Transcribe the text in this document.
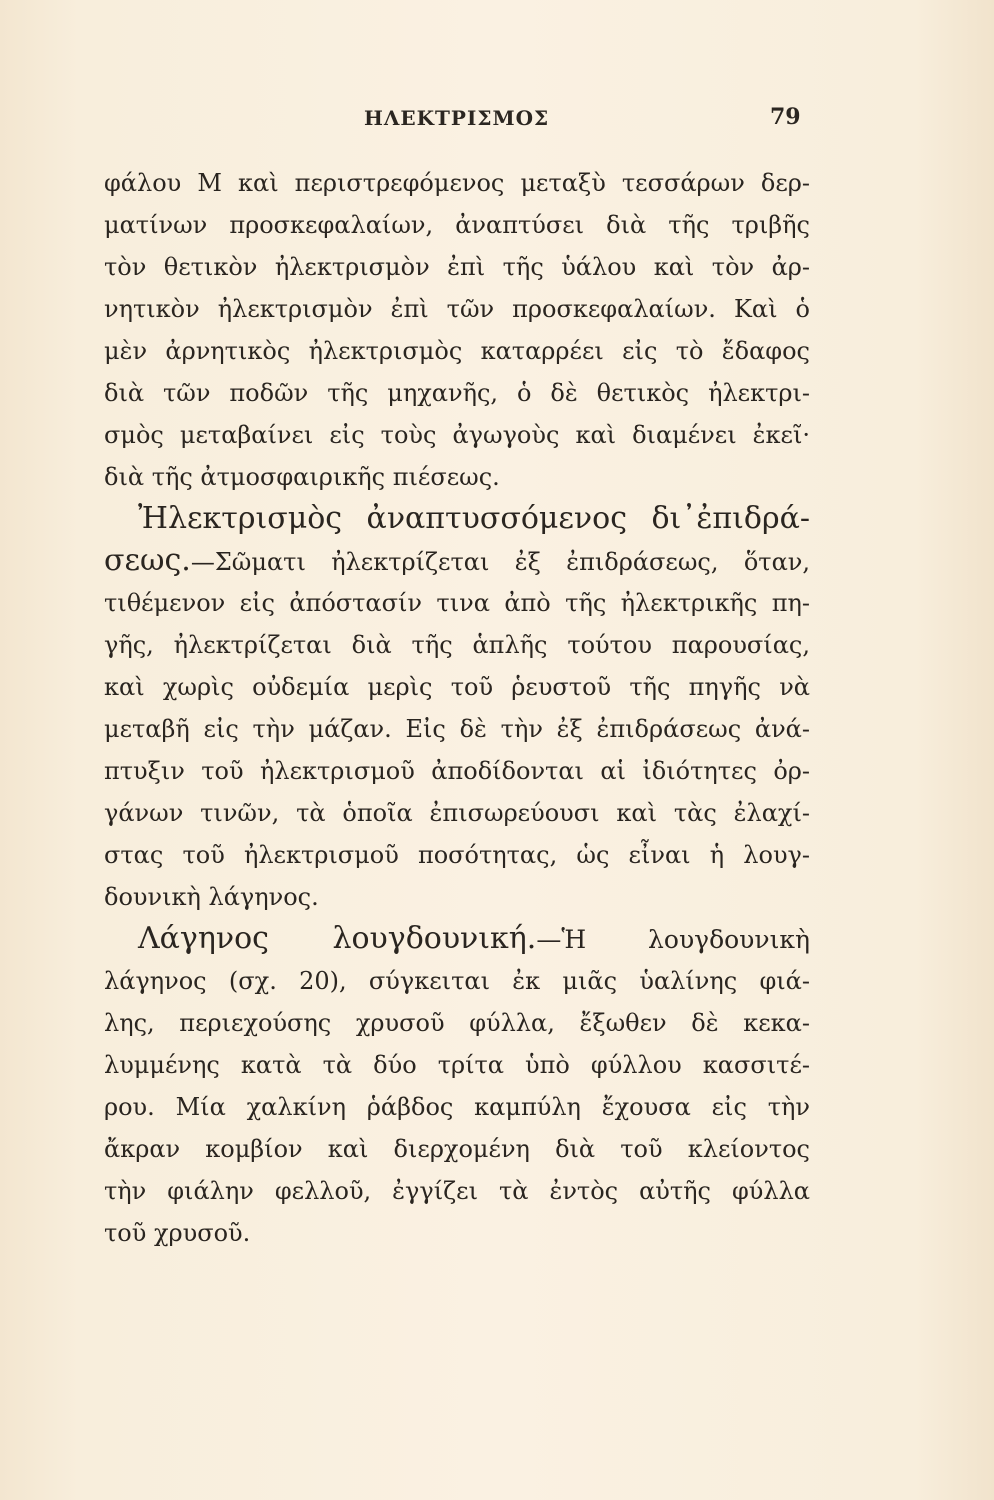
ΗΛΕΚΤΡΙΣΜΟΣ	79
φάλου Μ καὶ περιστρεφόμενος μεταξὺ τεσσάρων δερ-
ματίνων προσκεφαλαίων, ἀναπτύσει διὰ τῆς τριβῆς
τὸν θετικὸν ἠλεκτρισμὸν ἐπὶ τῆς ὑάλου καὶ τὸν ἀρ-
νητικὸν ἠλεκτρισμὸν ἐπὶ τῶν προσκεφαλαίων. Καὶ ὁ
μὲν ἀρνητικὸς ἠλεκτρισμὸς καταρρέει εἰς τὸ ἔδαφος
διὰ τῶν ποδῶν τῆς μηχανῆς, ὁ δὲ θετικὸς ἠλεκτρι-
σμὸς μεταβαίνει εἰς τοὺς ἀγωγοὺς καὶ διαμένει ἐκεῖ·
διὰ τῆς ἀτμοσφαιρικῆς πιέσεως.
Ἠλεκτρισμὸς ἀναπτυσσόμενος δι᾽ἐπιδρά-
σεως.—Σῶματι ἠλεκτρίζεται ἐξ ἐπιδράσεως, ὅταν,
τιθέμενον εἰς ἀπόστασίν τινα ἀπὸ τῆς ἠλεκτρικῆς πη-
γῆς, ἠλεκτρίζεται διὰ τῆς ἁπλῆς τούτου παρουσίας,
καὶ χωρὶς οὐδεμία μερὶς τοῦ ῥευστοῦ τῆς πηγῆς νὰ
μεταβῆ εἰς τὴν μάζαν. Εἰς δὲ τὴν ἐξ ἐπιδράσεως ἀνά-
πτυξιν τοῦ ἠλεκτρισμοῦ ἀποδίδονται αἱ ἰδιότητες ὀρ-
γάνων τινῶν, τὰ ὁποῖα ἐπισωρεύουσι καὶ τὰς ἐλαχί-
στας τοῦ ἠλεκτρισμοῦ ποσότητας, ὡς εἶναι ἡ λουγ-
δουνικὴ λάγηνος.
Λάγηνος λουγδουνική.—Ἡ λουγδουνικὴ
λάγηνος (σχ. 20), σύγκειται ἐκ μιᾶς ὑαλίνης φιά-
λης, περιεχούσης χρυσοῦ φύλλα, ἔξωθεν δὲ κεκα-
λυμμένης κατὰ τὰ δύο τρίτα ὑπὸ φύλλου κασσιτέ-
ρου. Μία χαλκίνη ῥάβδος καμπύλη ἔχουσα εἰς τὴν
ἄκραν κομβίον καὶ διερχομένη διὰ τοῦ κλείοντος
τὴν φιάλην φελλοῦ, ἐγγίζει τὰ ἐντὸς αὐτῆς φύλλα
τοῦ χρυσοῦ.
